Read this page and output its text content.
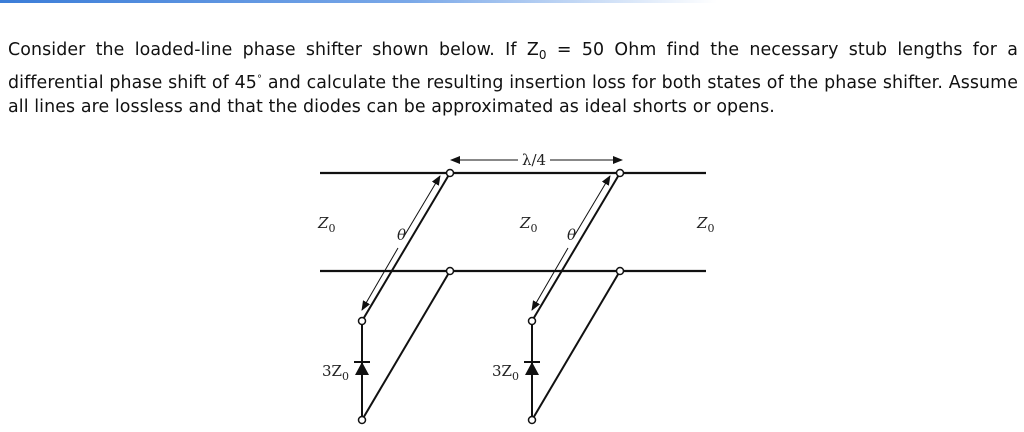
Consider the loaded-line phase shifter shown below. If $Z_0 = 50$ Ohm find the necessary stub lengths for a differential phase shift of 45° and calculate the resulting insertion loss for both states of the phase shifter. Assume all lines are lossless and that the diodes can be approximated as ideal shorts or opens.

λ/4
$Z_0$	$Z_0$	$Z_0$
θ	θ
$3Z_0$	$3Z_0$
